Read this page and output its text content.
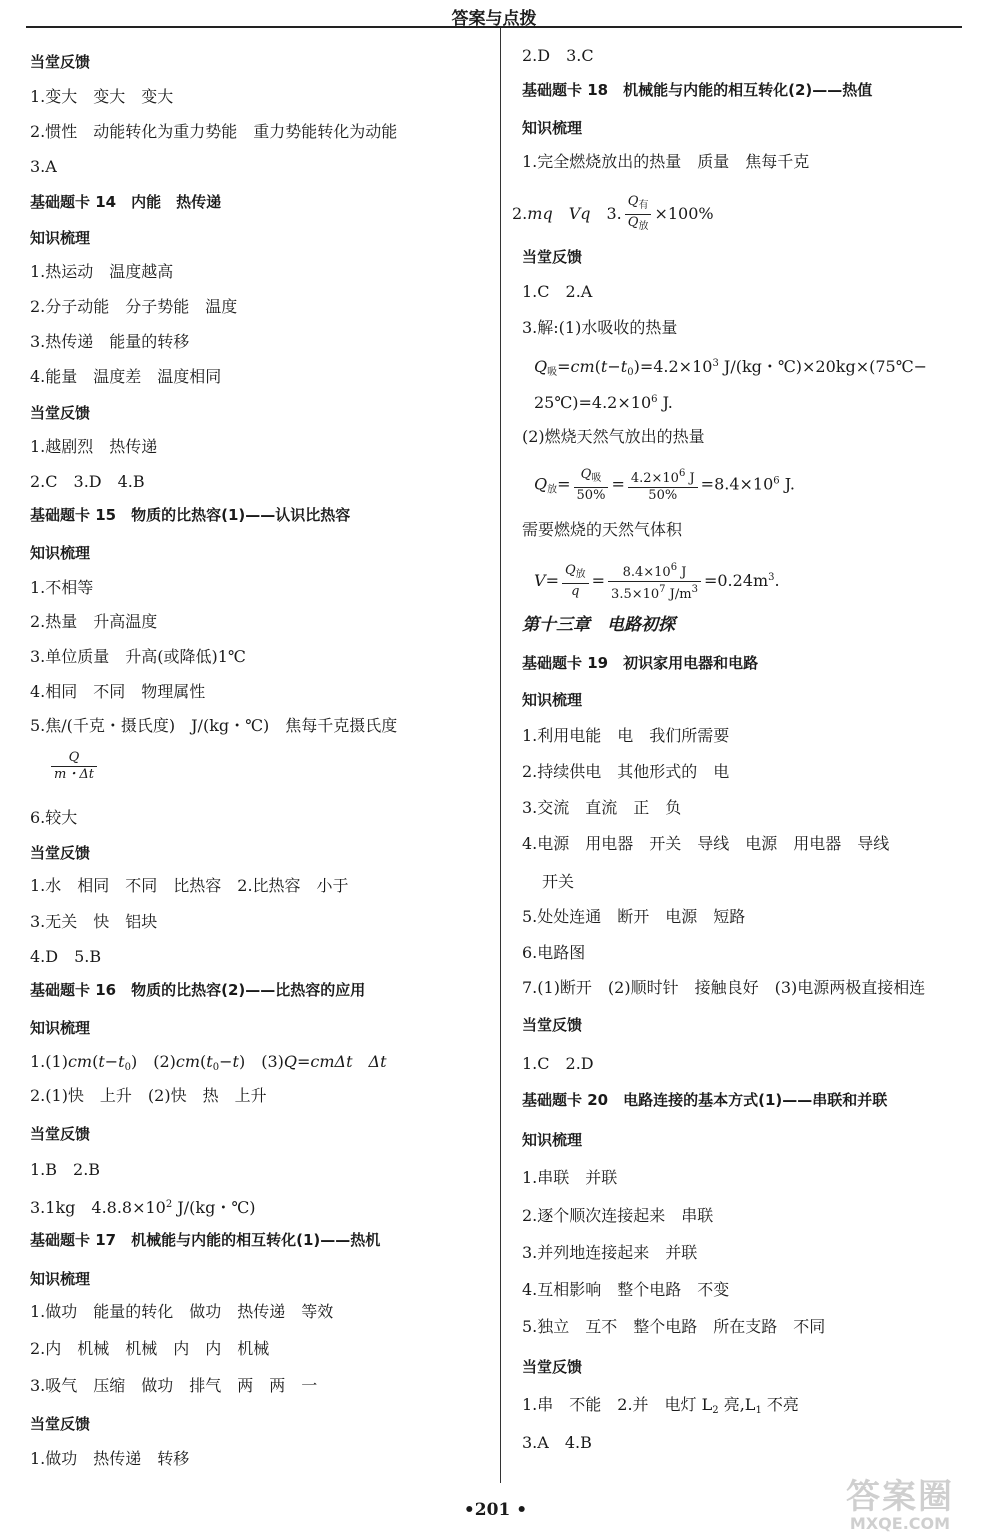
答案与点拨
$\frac{Q}{m・\Delta t}$
$1.(1)cm(t-t_0)$　$(2)cm(t_0-t)$　(3)Q=cmΔt　 Δt
3.1kg　$4.8.8\times 10^2$ J/(kg・℃)
当堂反馈
1.变大　变大　变大
2.惯性　动能转化为重力势能　重力势能转化为动能
3.A
基础题卡 14　内能　热传递
知识梳理
1.热运动　温度越高
2.分子动能　分子势能　温度
3.热传递　能量的转移
4.能量　温度差　温度相同
当堂反馈
1.越剧烈　热传递
2.C　3.D　4.B
基础题卡 15　物质的比热容(1)——认识比热容
知识梳理
1.不相等
2.热量　升高温度
3.单位质量　升高(或降低)1℃
4.相同　不同　物理属性
5.焦/(千克・摄氏度)　J/(kg・℃)　焦每千克摄氏度
6.较大
当堂反馈
1.水　相同　不同　比热容　2.比热容　小于
3.无关　快　铝块
4.D　5.B
基础题卡 16　物质的比热容(2)——比热容的应用
知识梳理
2.(1)快　上升　(2)快　热　上升
当堂反馈
1.B　2.B
基础题卡 17　机械能与内能的相互转化(1)——热机
知识梳理
1.做功　能量的转化　做功　热传递　等效
2.内　机械　机械　内　内　机械
3.吸气　压缩　做功　排气　两　两　一
当堂反馈
1.做功　热传递　转移
2.mq　 Vq　3. $\frac{Q_有}{Q_放} \times 100\%$
$Q_吸=cm(t-t_0)=4.2\times 10^3$ J/(kg・℃)×20kg×(75℃−
$25℃)=4.2\times 10^6$ J.
$Q_放= \frac{Q_吸}{50\%} = \frac{4.2\times 10^6 J}{50\%} =8.4\times 10^6$ J.
$V= \frac{Q_放}{q} = \frac{8.4\times 10^6 J}{3.5\times 10^7 J/m^3} =0.24m^3$.
1.串　不能　2.并　电灯 $L_2$ 亮$,L_1$ 不亮
2.D　3.C
基础题卡 18　机械能与内能的相互转化(2)——热值
知识梳理
1.完全燃烧放出的热量　质量　焦每千克
当堂反馈
1.C　2.A
3.解:(1)水吸收的热量
(2)燃烧天然气放出的热量
需要燃烧的天然气体积
第十三章　电路初探
基础题卡 19　初识家用电器和电路
知识梳理
1.利用电能　电　我们所需要
2.持续供电　其他形式的　电
3.交流　直流　正　负
4.电源　用电器　开关　导线　电源　用电器　导线
开关
5.处处连通　断开　电源　短路
6.电路图
7.(1)断开　(2)顺时针　接触良好　(3)电源两极直接相连
当堂反馈
1.C　2.D
基础题卡 20　电路连接的基本方式(1)——串联和并联
知识梳理
1.串联　并联
2.逐个顺次连接起来　串联
3.并列地连接起来　并联
4.互相影响　整个电路　不变
5.独立　互不　整个电路　所在支路　不同
当堂反馈
3.A　4.B
•201 •	答案圈
MXQE.COM
